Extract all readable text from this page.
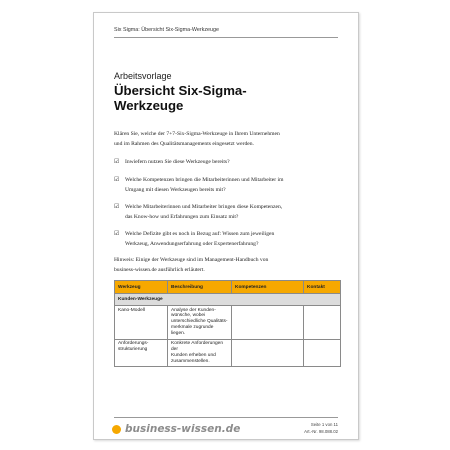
Six Sigma: Übersicht Six-Sigma-Werkzeuge
Arbeitsvorlage
Übersicht Six-Sigma-
Werkzeuge
Klären Sie, welche der 7+7-Six-Sigma-Werkzeuge in Ihrem Unternehmen
und im Rahmen des Qualitätsmanagements eingesetzt werden.
☑ Inwiefern nutzen Sie diese Werkzeuge bereits?
☑ Welche Kompetenzen bringen die Mitarbeiterinnen und Mitarbeiter im
Umgang mit diesen Werkzeugen bereits mit?
☑ Welche Mitarbeiterinnen und Mitarbeiter bringen diese Kompetenzen,
das Know-how und Erfahrungen zum Einsatz mit?
☑ Welche Defizite gibt es noch in Bezug auf: Wissen zum jeweiligen
Werkzeug, Anwendungserfahrung oder Expertenerfahrung?
Hinweis: Einige der Werkzeuge sind im Management-Handbuch von
business-wissen.de ausführlich erläutert.
Werkzeug	Beschreibung	Kompetenzen	Kontakt
Kunden-Werkzeuge			

Kano-Modell	Analyse der Kunden-
wünsche, wobei
unterschiedliche Qualitäts-
merkmale zugrunde liegen.		

Anforderungs-
strukturierung	Konkrete Anforderungen der
Kunden erheben und
zusammenstellen.		

business-wissen.de	Seite 1 von 11
Art.-Nr. 98.088.02
